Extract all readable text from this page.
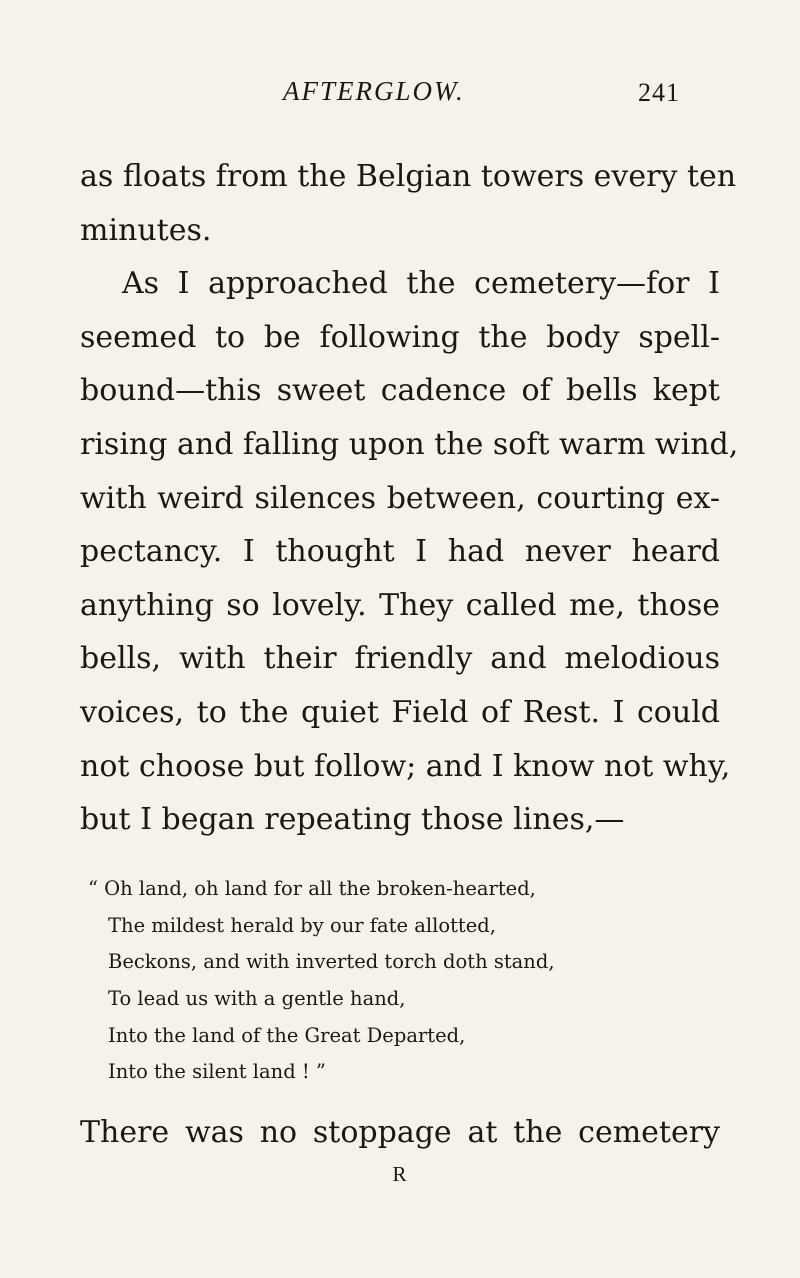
AFTERGLOW.	241
as floats from the Belgian towers every ten
minutes.
As I approached the cemetery—for I
seemed to be following the body spell-
bound—this sweet cadence of bells kept
rising and falling upon the soft warm wind,
with weird silences between, courting ex-
pectancy. I thought I had never heard
anything so lovely. They called me, those
bells, with their friendly and melodious
voices, to the quiet Field of Rest. I could
not choose but follow; and I know not why,
but I began repeating those lines,—
“ Oh land, oh land for all the broken-hearted,
The mildest herald by our fate allotted,
Beckons, and with inverted torch doth stand,
To lead us with a gentle hand,
Into the land of the Great Departed,
Into the silent land ! ”
There was no stoppage at the cemetery
R
